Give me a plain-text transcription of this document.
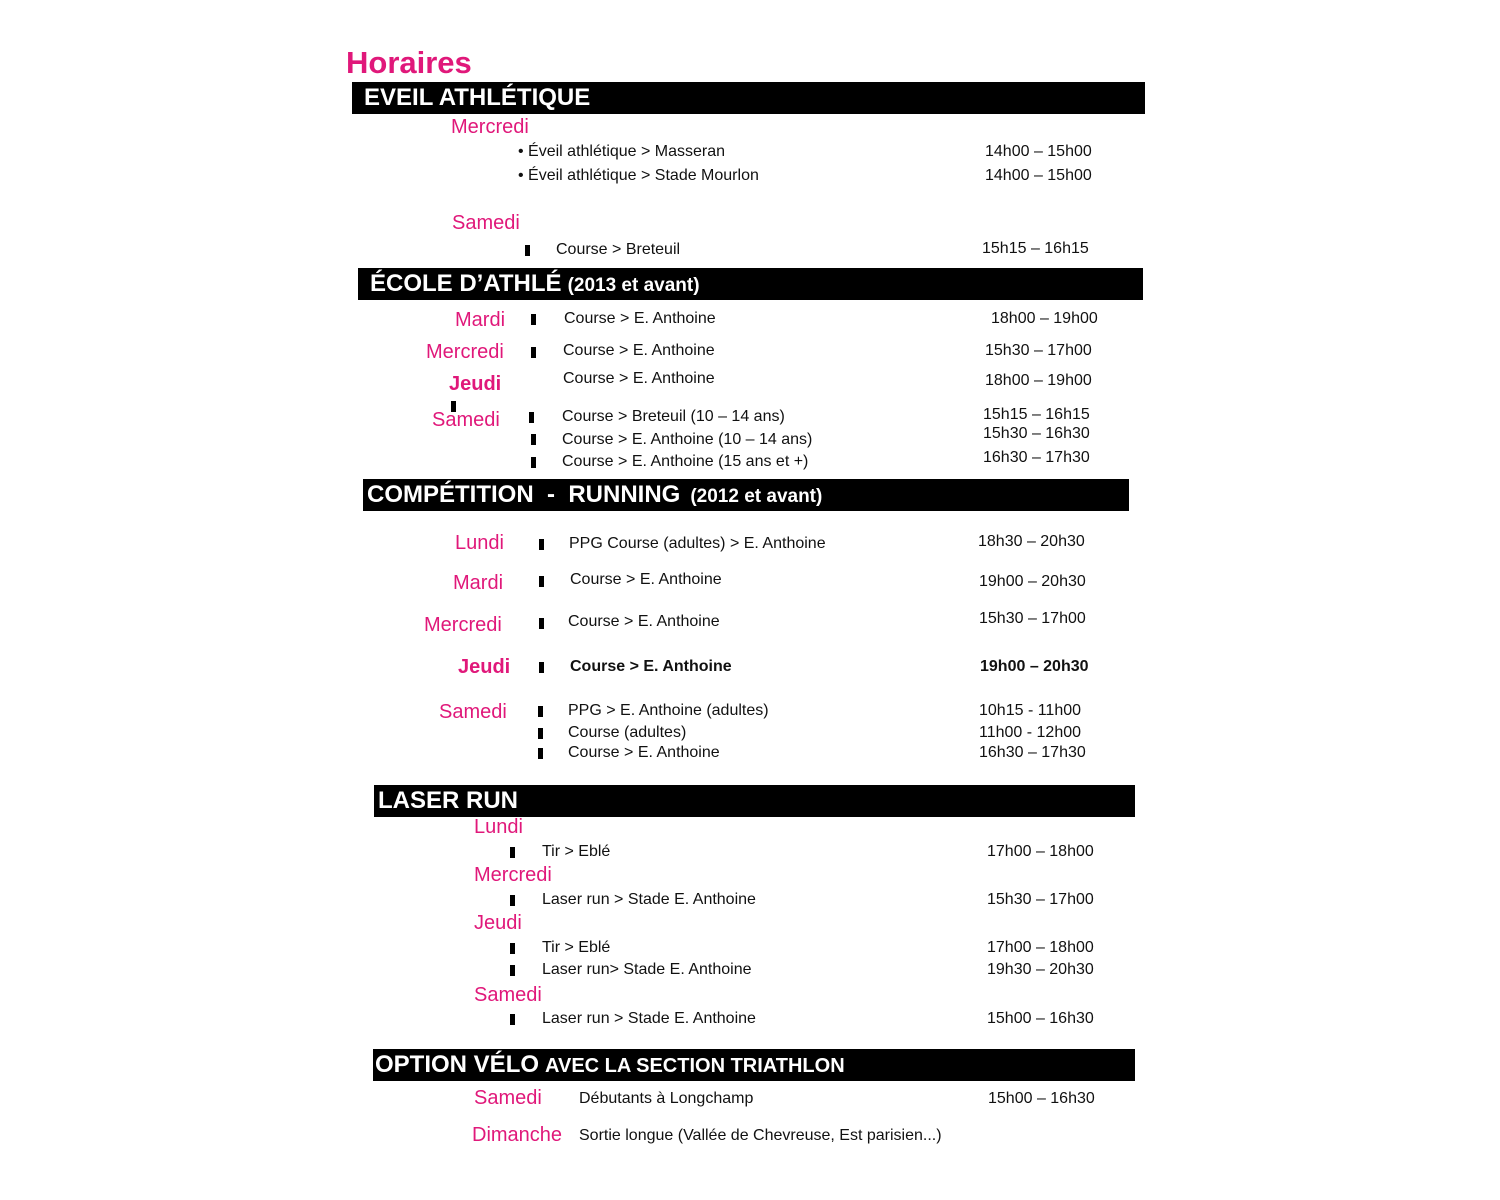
Horaires
EVEIL ATHLÉTIQUE
Mercredi
• Éveil athlétique > Masseran	14h00 – 15h00
• Éveil athlétique > Stade Mourlon	14h00 – 15h00
Samedi
Course > Breteuil	15h15 – 16h15
ÉCOLE D’ATHLÉ (2013 et avant)
Mardi	Course > E. Anthoine	18h00 – 19h00
Mercredi	Course > E. Anthoine	15h30 – 17h00
Jeudi	Course > E. Anthoine	18h00 – 19h00
Samedi	Course > Breteuil (10 – 14 ans)	15h15 – 16h15
Course > E. Anthoine (10 – 14 ans)	15h30 – 16h30
Course > E. Anthoine (15 ans et +)	16h30 – 17h30
COMPÉTITION  -  RUNNING (2012 et avant)
Lundi	PPG Course (adultes) > E. Anthoine	18h30 – 20h30
Mardi	Course > E. Anthoine	19h00 – 20h30
Mercredi	Course > E. Anthoine	15h30 – 17h00
Jeudi	Course > E. Anthoine	19h00 – 20h30
Samedi	PPG > E. Anthoine (adultes)	10h15 - 11h00
Course (adultes)	11h00 - 12h00
Course > E. Anthoine	16h30 – 17h30
LASER RUN
Lundi
Tir > Eblé	17h00 – 18h00
Mercredi
Laser run > Stade E. Anthoine	15h30 – 17h00
Jeudi
Tir > Eblé	17h00 – 18h00
Laser run> Stade E. Anthoine	19h30 – 20h30
Samedi
Laser run > Stade E. Anthoine	15h00 – 16h30
OPTION VÉLO AVEC LA SECTION TRIATHLON
Samedi Débutants à Longchamp	15h00 – 16h30
Dimanche Sortie longue (Vallée de Chevreuse, Est parisien...)
